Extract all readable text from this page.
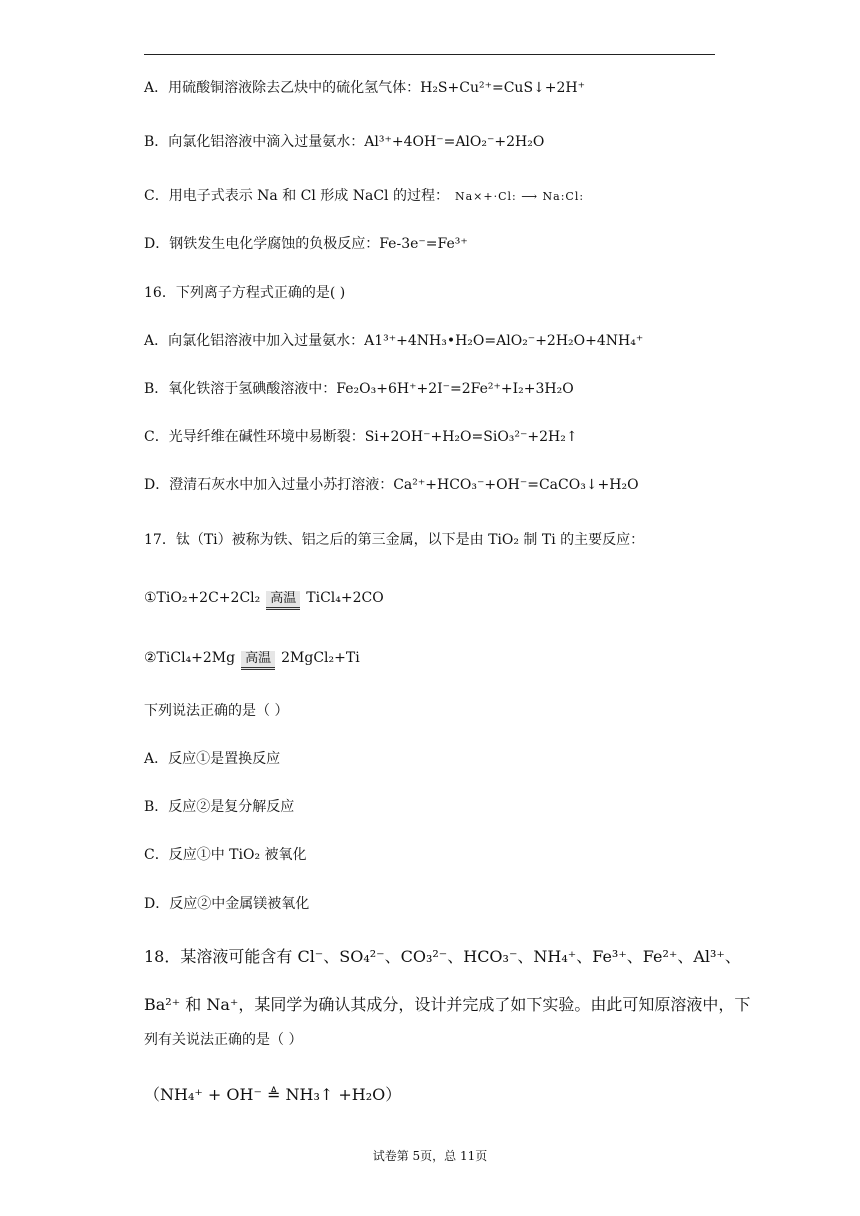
A．用硫酸铜溶液除去乙炔中的硫化氢气体：H₂S+Cu²⁺=CuS↓+2H⁺
B．向氯化铝溶液中滴入过量氨水：Al³⁺+4OH⁻=AlO₂⁻+2H₂O
C．用电子式表示 Na 和 Cl 形成 NaCl 的过程： Na×+·Cl: ⟶ Na:Cl:
D．钢铁发生电化学腐蚀的负极反应：Fe-3e⁻=Fe³⁺
16．下列离子方程式正确的是( )
A．向氯化铝溶液中加入过量氨水：A1³⁺+4NH₃•H₂O=AlO₂⁻+2H₂O+4NH₄⁺
B．氧化铁溶于氢碘酸溶液中：Fe₂O₃+6H⁺+2I⁻=2Fe²⁺+I₂+3H₂O
C．光导纤维在碱性环境中易断裂：Si+2OH⁻+H₂O=SiO₃²⁻+2H₂↑
D．澄清石灰水中加入过量小苏打溶液：Ca²⁺+HCO₃⁻+OH⁻=CaCO₃↓+H₂O
17．钛（Ti）被称为铁、铝之后的第三金属，以下是由 TiO₂ 制 Ti 的主要反应：
①TiO₂+2C+2Cl₂ 高温 TiCl₄+2CO
②TiCl₄+2Mg 高温 2MgCl₂+Ti
下列说法正确的是（ ）
A．反应①是置换反应
B．反应②是复分解反应
C．反应①中 TiO₂ 被氧化
D．反应②中金属镁被氧化
18．某溶液可能含有 Cl⁻、SO₄²⁻、CO₃²⁻、HCO₃⁻、NH₄⁺、Fe³⁺、Fe²⁺、Al³⁺、
Ba²⁺ 和 Na⁺，某同学为确认其成分，设计并完成了如下实验。由此可知原溶液中，下
列有关说法正确的是（ ）
（NH₄⁺ + OH⁻ ≜ NH₃↑ +H₂O）
试卷第 5页，总 11页
